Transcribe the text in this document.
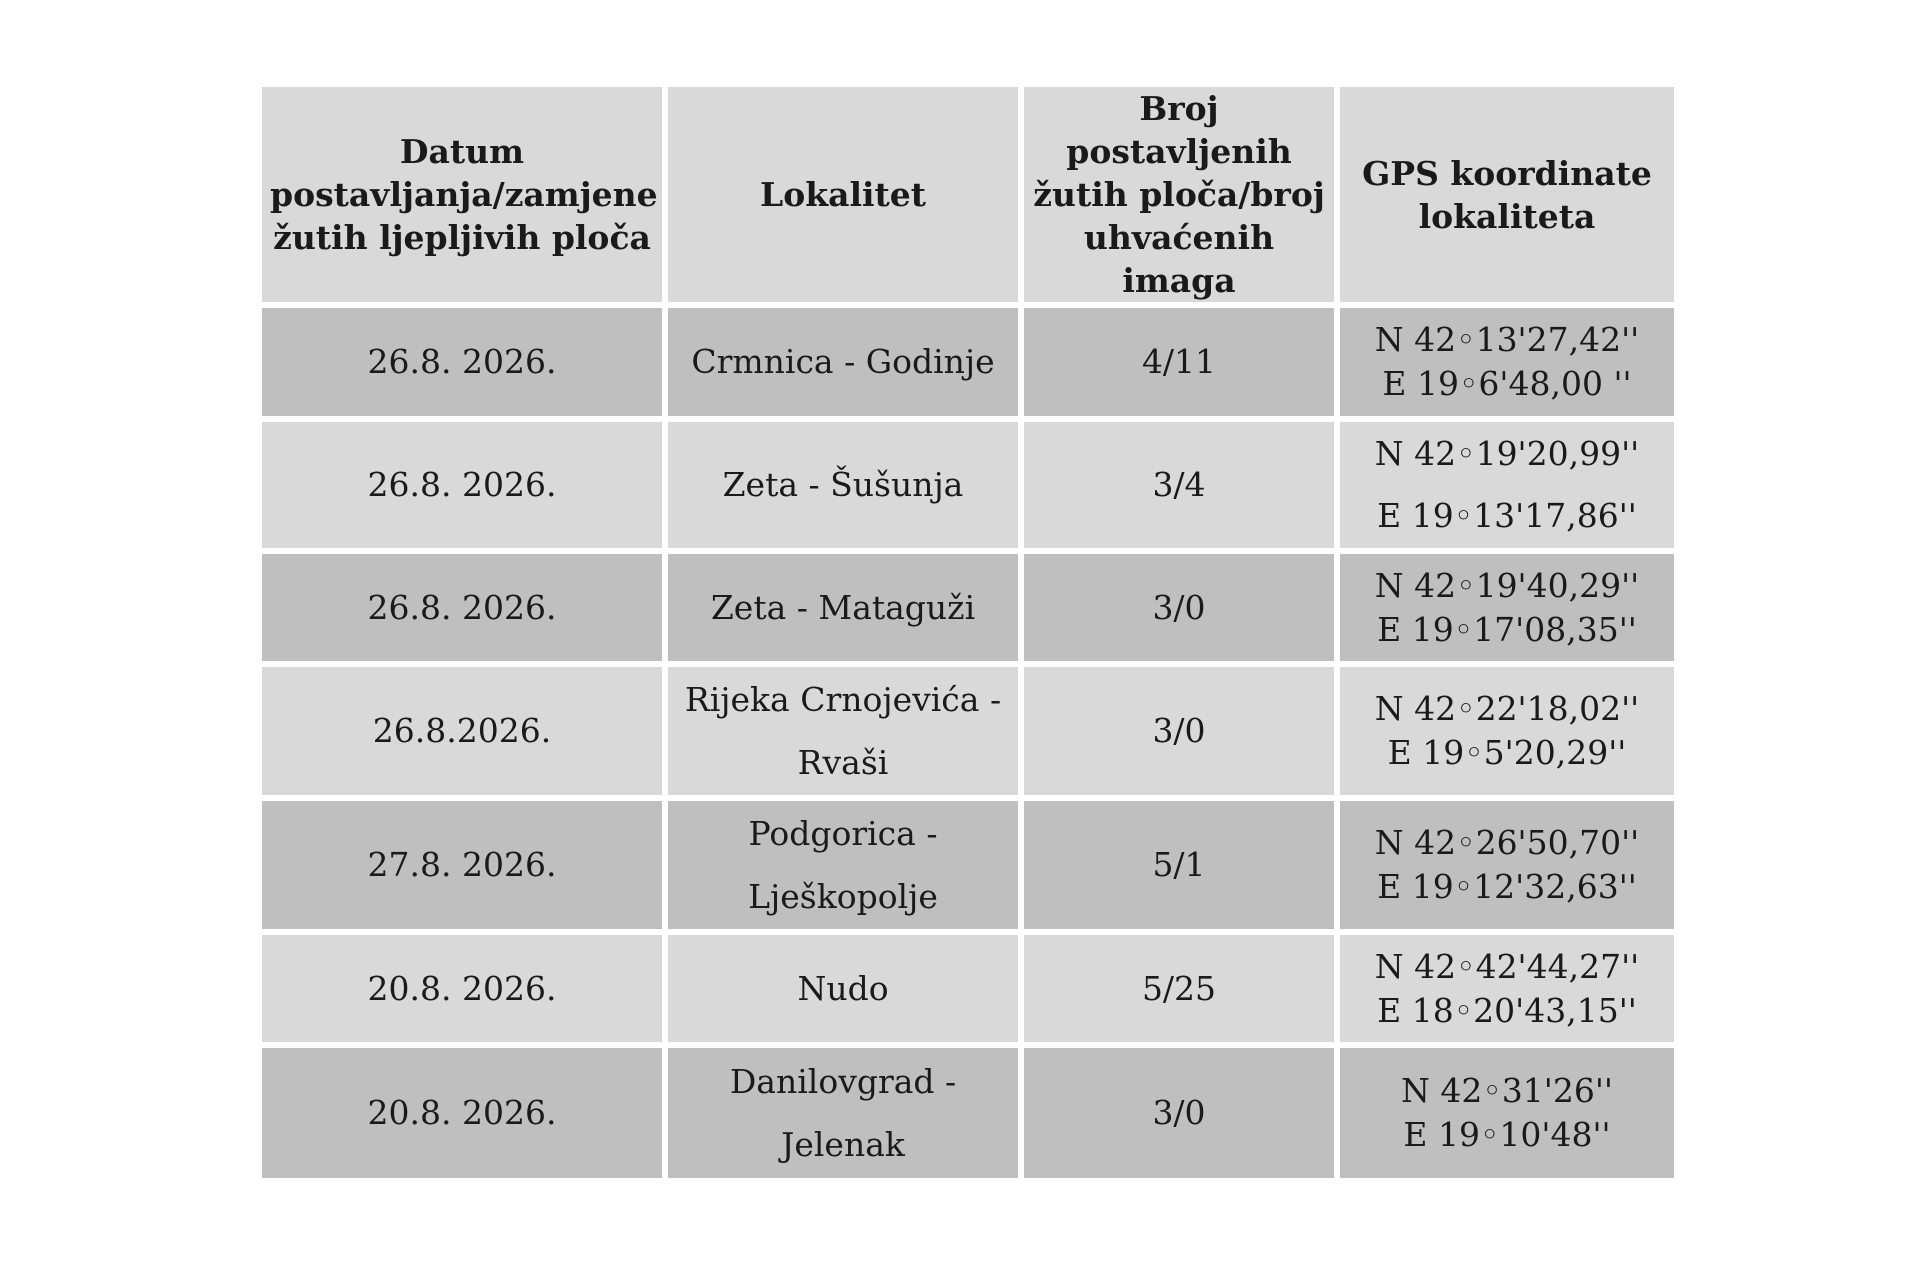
Datum
postavljanja/zamjene
žutih ljepljivih ploča	Lokalitet	Broj
postavljenih
žutih ploča/broj
uhvaćenih
imaga	GPS koordinate
lokaliteta

26.8. 2026.	Crmnica - Godinje	4/11	N 42◦13'27,42''
E 19◦6'48,00 ''

26.8. 2026.	Zeta - Šušunja	3/4	N 42◦19'20,99''
E 19◦13'17,86''

26.8. 2026.	Zeta - Mataguži	3/0	N 42◦19'40,29''
E 19◦17'08,35''

26.8.2026.	Rijeka Crnojevića -
Rvaši	3/0	N 42◦22'18,02''
E 19◦5'20,29''

27.8. 2026.	Podgorica -
Lješkopolje	5/1	N 42◦26'50,70''
E 19◦12'32,63''

20.8. 2026.	Nudo	5/25	N 42◦42'44,27''
E 18◦20'43,15''

20.8. 2026.	Danilovgrad -
Jelenak	3/0	N 42◦31'26''
E 19◦10'48''
